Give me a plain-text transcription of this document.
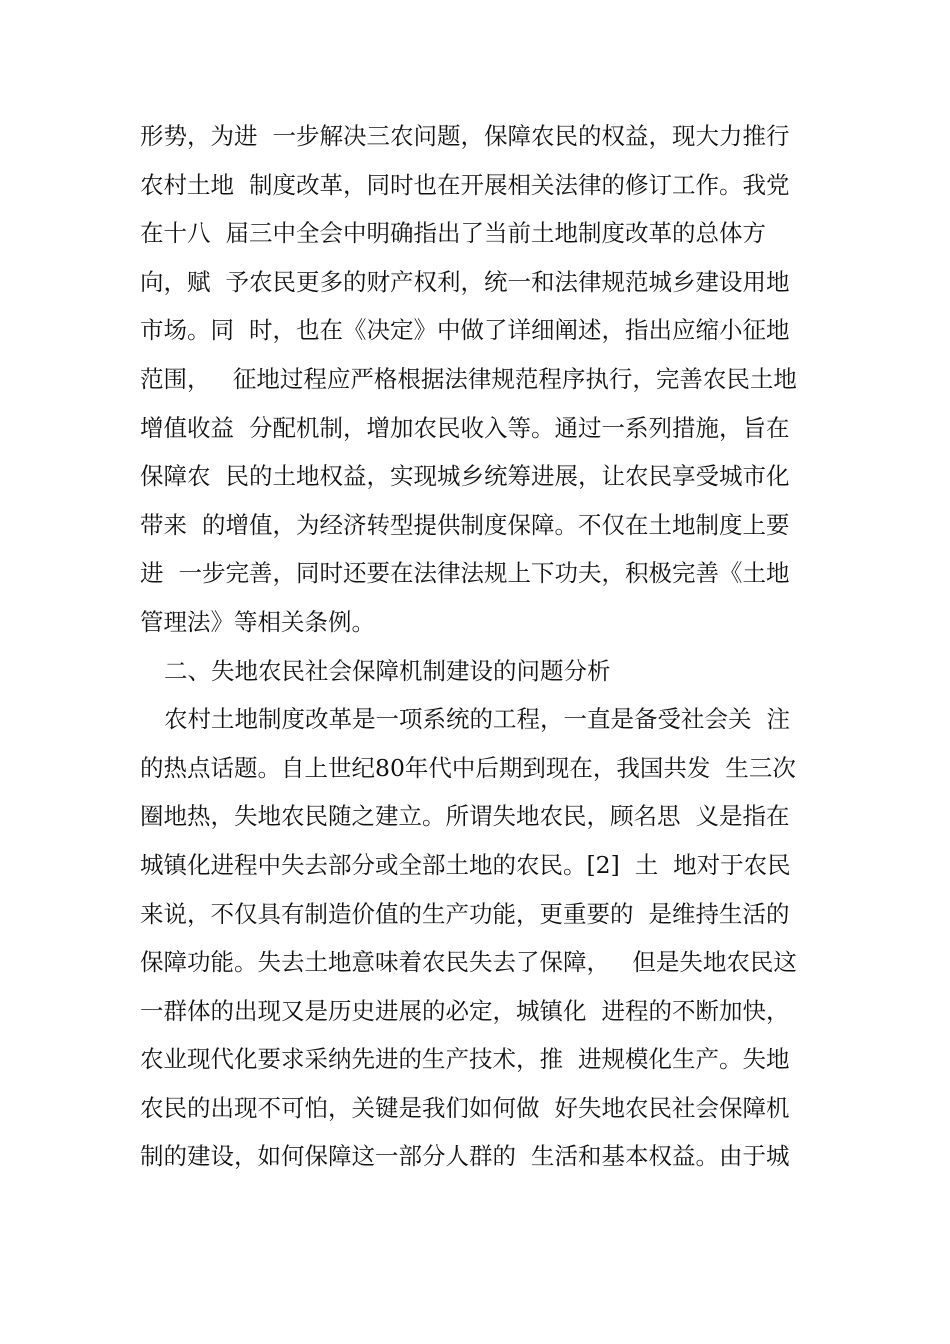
形势，为进  一步解决三农问题，保障农民的权益，现大力推行
农村土地  制度改革，同时也在开展相关法律的修订工作。我党
在十八  届三中全会中明确指出了当前土地制度改革的总体方
向，赋  予农民更多的财产权利，统一和法律规范城乡建设用地
市场。同  时，也在《决定》中做了详细阐述，指出应缩小征地
范围，   征地过程应严格根据法律规范程序执行，完善农民土地
增值收益  分配机制，增加农民收入等。通过一系列措施，旨在
保障农  民的土地权益，实现城乡统筹进展，让农民享受城市化
带来  的增值，为经济转型提供制度保障。不仅在土地制度上要
进  一步完善，同时还要在法律法规上下功夫，积极完善《土地
管理法》等相关条例。
二、失地农民社会保障机制建设的问题分析
农村土地制度改革是一项系统的工程，一直是备受社会关  注
的热点话题。自上世纪80年代中后期到现在，我国共发  生三次
圈地热，失地农民随之建立。所谓失地农民，顾名思  义是指在
城镇化进程中失去部分或全部土地的农民。[2]  土  地对于农民
来说，不仅具有制造价值的生产功能，更重要的  是维持生活的
保障功能。失去土地意味着农民失去了保障，   但是失地农民这
一群体的出现又是历史进展的必定，城镇化  进程的不断加快，
农业现代化要求采纳先进的生产技术，推  进规模化生产。失地
农民的出现不可怕，关键是我们如何做  好失地农民社会保障机
制的建设，如何保障这一部分人群的  生活和基本权益。由于城
